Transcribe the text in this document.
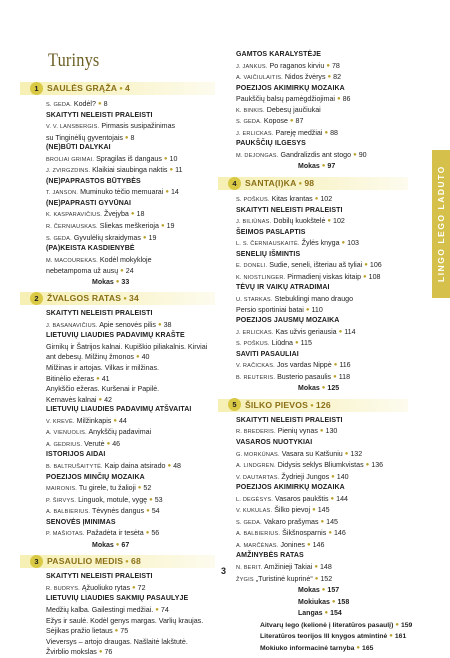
Turinys
1 SAULĖS GRĄŽA ● 4
S. GEDA. Kodėl? ● 8
SKAITYTI NELEISTI PRALEISTI
V. V. LANSBERGIS. Pirmasis susipažinimas
su Tinginėlių gyventojais ● 8
(NE)BŪTI DALYKAI
BROLIAI GRIMAI. Spragilas iš dangaus ● 10
J. ZVIRGZDINS. Klaikiai siaubinga naktis ● 11
(NE)PAPRASTOS BŪTYBĖS
T. JANSON. Muminuko tėčio memuarai ● 14
(NE)PAPRASTI GYVŪNAI
K. KASPARAVIČIUS. Žvejyba ● 18
R. ČERNIAUSKAS. Sliekas meškerioja ● 19
S. GEDA. Gyvulėlių skraidymas ● 19
(PA)KEISTA KASDIENYBĖ
M. MACOUREKAS. Kodėl mokykloje
nebetampoma už ausų ● 24
Mokas ● 33
2 ŽVALGOS RATAS ● 34
SKAITYTI NELEISTI PRALEISTI
J. BASANAVIČIUS. Apie senovės pilis ● 38
LIETUVIŲ LIAUDIES PADAVIMŲ KRAŠTE
Girnikų ir Šatrijos kalnai. Kupiškio piliakalnis. Kirviai ant debesų. Milžinų žmonos ● 40
Milžinas ir artojas. Vilkas ir milžinas.
Bitinėlio ežeras ● 41
Anykščio ežeras. Kuršenai ir Papilė.
Kernavės kalnai ● 42
LIETUVIŲ LIAUDIES PADAVIMŲ ATŠVAITAI
V. KREVĖ. Milžinkapis ● 44
A. VIENUOLIS. Anykščių padavimai
A. GEDRIUS. Verutė ● 46
ISTORIJOS AIDAI
B. BALTRUŠAITYTĖ. Kaip daina atsirado ● 48
POEZIJOS MINČIŲ MOZAIKA
MAIRONIS. Tu girele, tu žalioji ● 52
P. ŠIRVYS. Linguok, motule, vygę ● 53
A. BALBIERIUS. Tėvynės dangus ● 54
SENOVĖS ĮMINIMAS
P. MAŠIOTAS. Pažadėta ir tesėta ● 56
Mokas ● 67
3 PASAULIO MEDIS ● 68
SKAITYTI NELEISTI PRALEISTI
R. BUDRYS. Ąžuoliuko rytas ● 72
LIETUVIŲ LIAUDIES SAKMIŲ PASAULYJE
Medžių kalba. Gailestingi medžiai. ● 74
Ežys ir saulė. Kodėl genys margas. Varlių kraujas.
Sėjikas pražio lietaus ● 75
Vieversys – artojo draugas. Našlaitė lakštutė.
Žvirblio mokslas ● 76
GAMTOS KARALYSTĖJE
J. JANKUS. Po raganos kirviu ● 78
A. VAIČIULAITIS. Nidos žvėrys ● 82
POEZIJOS AKIMIRKŲ MOZAIKA
Paukščių balsų pamėgdžiojimai ● 86
K. BINKIS. Debesų jaučiukai
S. GEDA. Kopose ● 87
J. ERLICKAS. Pareję medžiai ● 88
PAUKŠČIŲ ILGESYS
M. DEJONGAS. Gandralizdis ant stogo ● 90
Mokas ● 97
4 SANTA(I)KA ● 98
S. POŠKUS. Kitas krantas ● 102
SKAITYTI NELEISTI PRALEISTI
J. BILIŪNAS. Dobilų kuokštelė ● 102
ŠEIMOS PASLAPTIS
L. S. ČERNIAUSKAITĖ. Žylės knyga ● 103
SENELIŲ IŠMINTIS
E. DONELI. Sudie, seneli, išteriau aš tyliai ● 106
K. NIOSTLINGER. Pirmadienį viskas kitaip ● 108
TĖVŲ IR VAIKŲ ATRADIMAI
U. STARKAS. Stebuklingi mano draugo
Persio sportiniai batai ● 110
POEZIJOS JAUSMŲ MOZAIKA
J. ERLICKAS. Kas užvis geriausia ● 114
S. POŠKUS. Liūdna ● 115
SAVITI PASAULIAI
V. RAČICKAS. Jos vardas Nippė ● 116
B. REUTERIS. Busterio pasaulis ● 118
Mokas ● 125
5 ŠILKO PIEVOS ● 126
SKAITYTI NELEISTI PRALEISTI
R. BREDERIS. Pienių vynas ● 130
VASAROS NUOTYKIAI
G. MORKŪNAS. Vasara su Katšuniu ● 132
A. LINDGREN. Didysis seklys Bliumkvistas ● 136
V. DAUTARTAS. Žydrieji Jungos ● 140
POEZIJOS AKIMIRKŲ MOZAIKA
L. DEGĖSYS. Vasaros paukštis ● 144
V. KUKULAS. Šilko pievoj ● 145
S. GEDA. Vakaro prašymas ● 145
A. BALBIERIUS. Šikšnosparnis ● 146
A. MARČĖNAS. Jonines ● 146
AMŽINYBĖS RATAS
N. BERIT. Amžinieji Takiai ● 148
ŽYGIS „Turistinė kuprinė“ ● 152
Mokas ● 157
Mokiukas ● 158
Langas ● 154
Aitvarų lego (kelionė į literatūros pasaulį) ● 159
Literatūros teorijos lll knygos atmintinė ● 161
Mokiuko informacinė tarnyba ● 165
LINGO LEGO LADUTO
3
